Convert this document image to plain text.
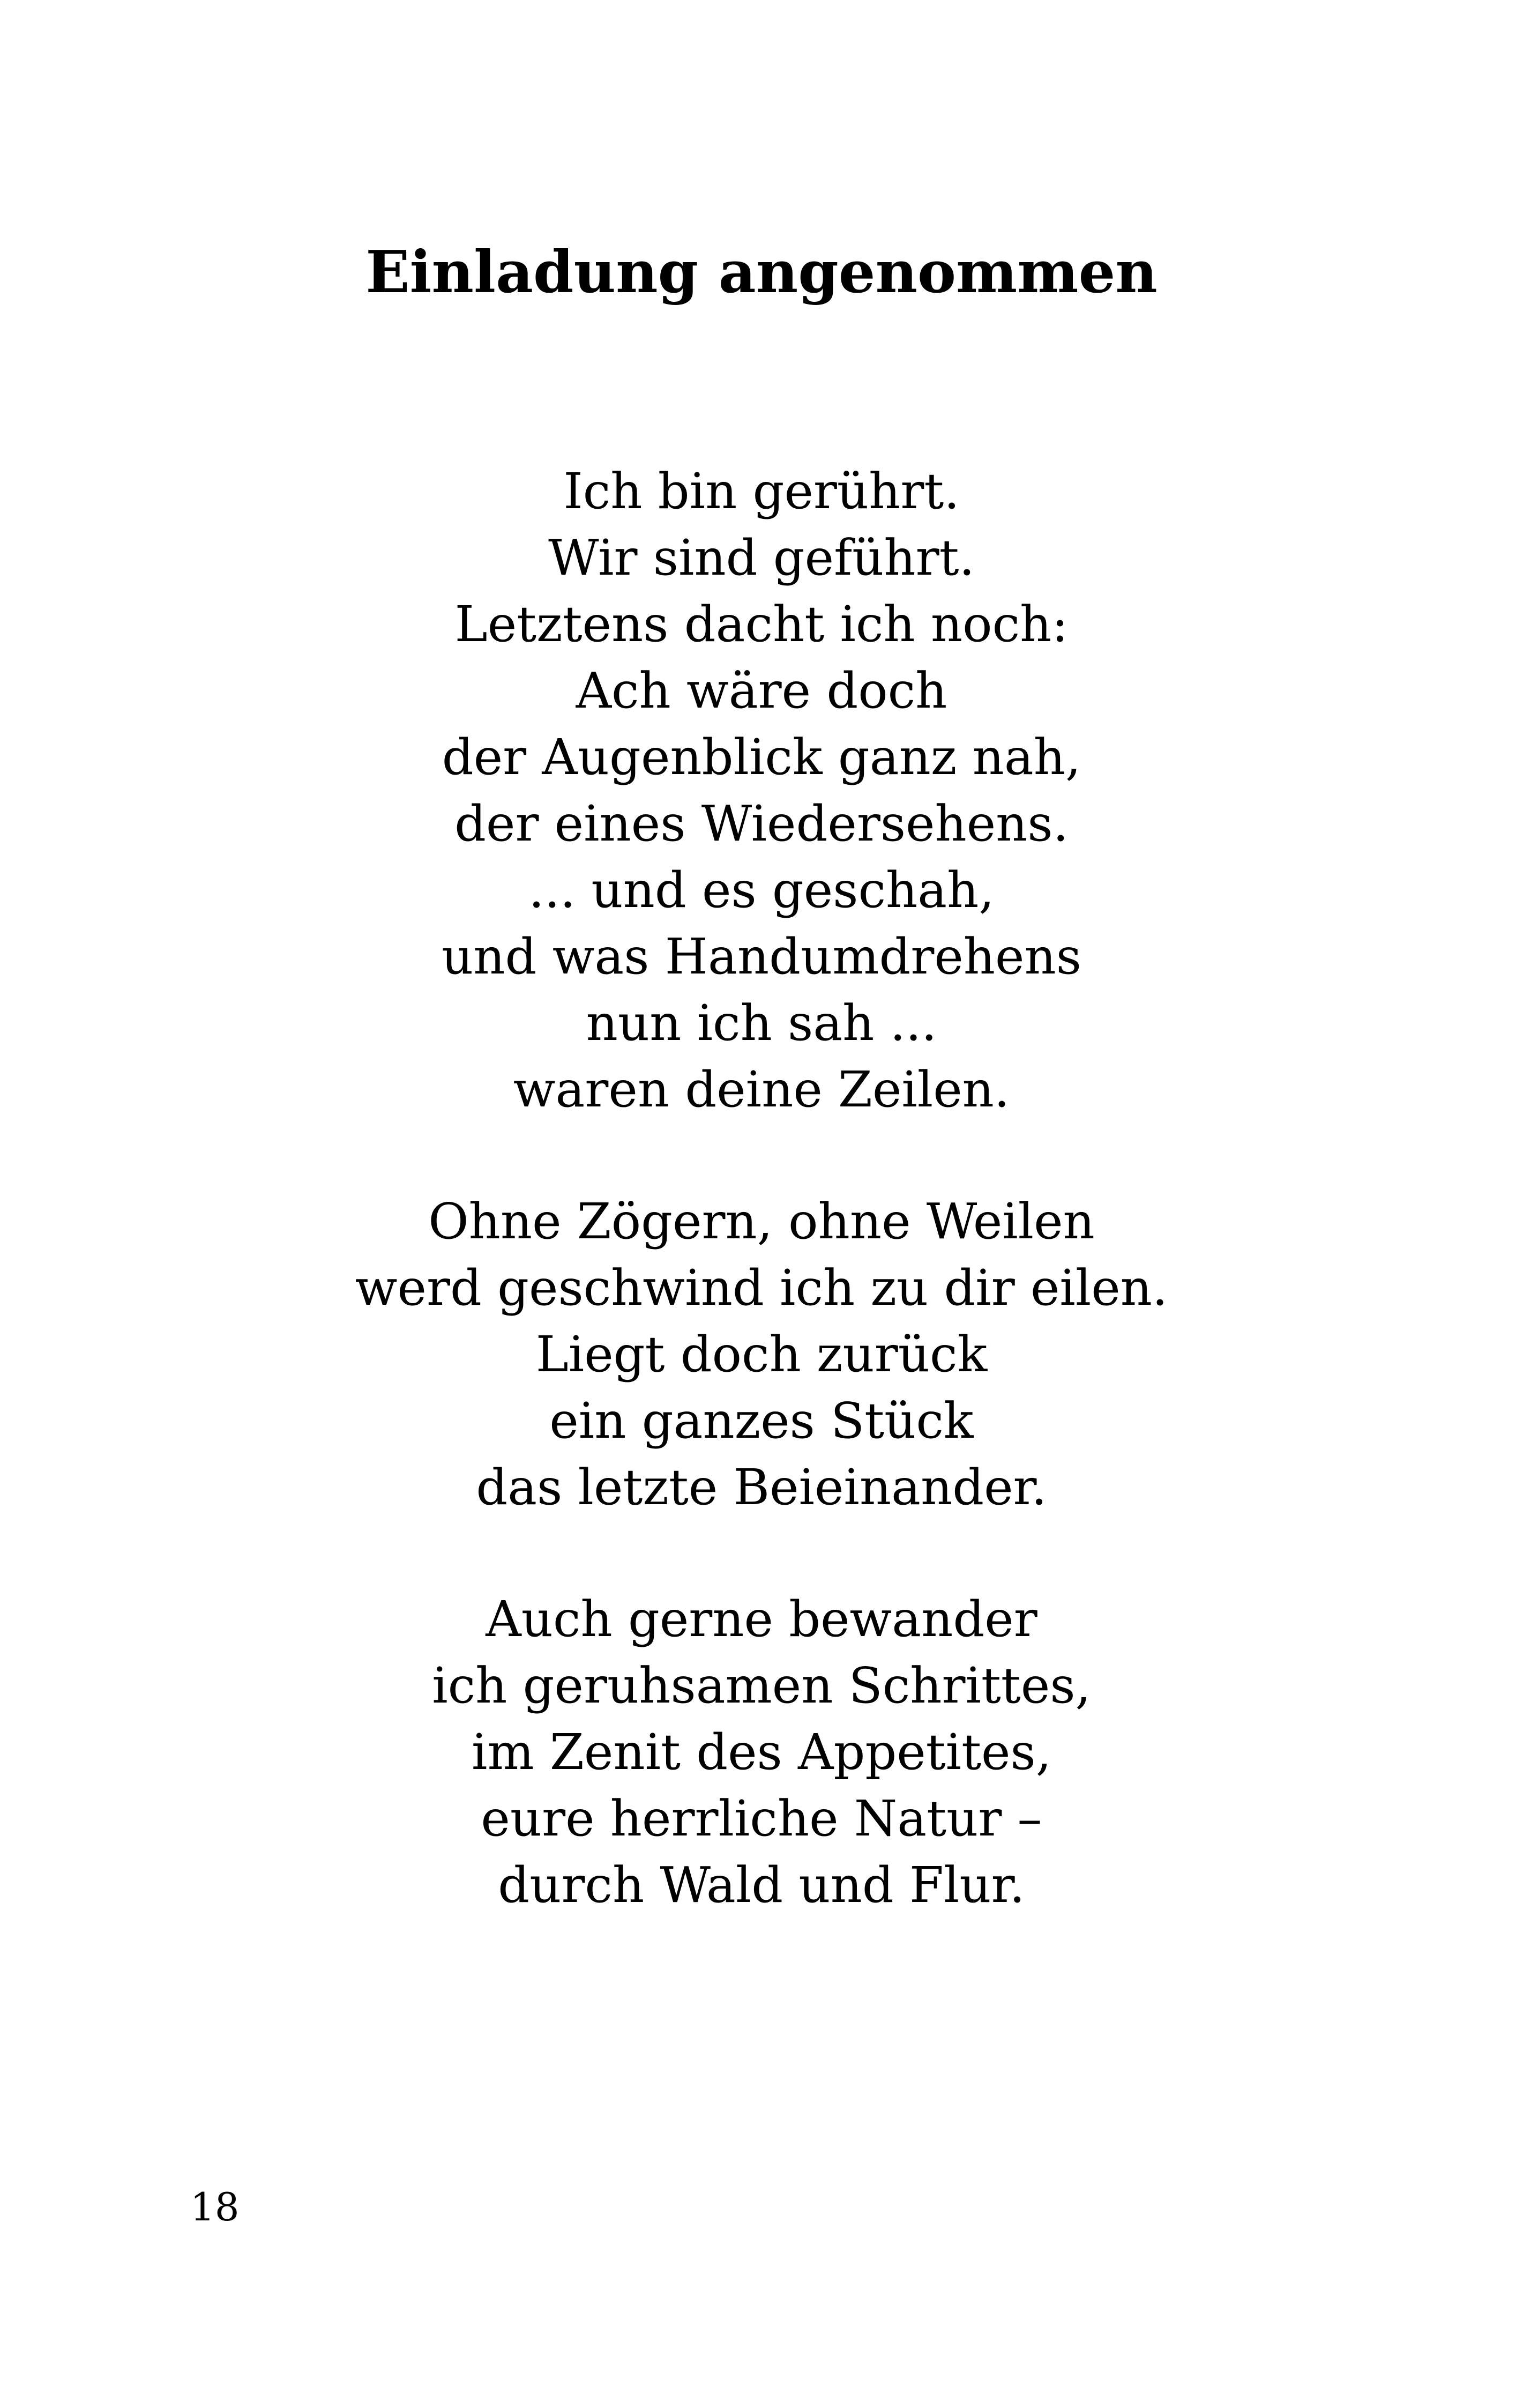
Einladung angenommen
Ich bin gerührt.
Wir sind geführt.
Letztens dacht ich noch:
Ach wäre doch
der Augenblick ganz nah,
der eines Wiedersehens.
... und es geschah,
und was Handumdrehens
nun ich sah ...
waren deine Zeilen.
Ohne Zögern, ohne Weilen
werd geschwind ich zu dir eilen.
Liegt doch zurück
ein ganzes Stück
das letzte Beieinander.
Auch gerne bewander
ich geruhsamen Schrittes,
im Zenit des Appetites,
eure herrliche Natur –
durch Wald und Flur.
18
